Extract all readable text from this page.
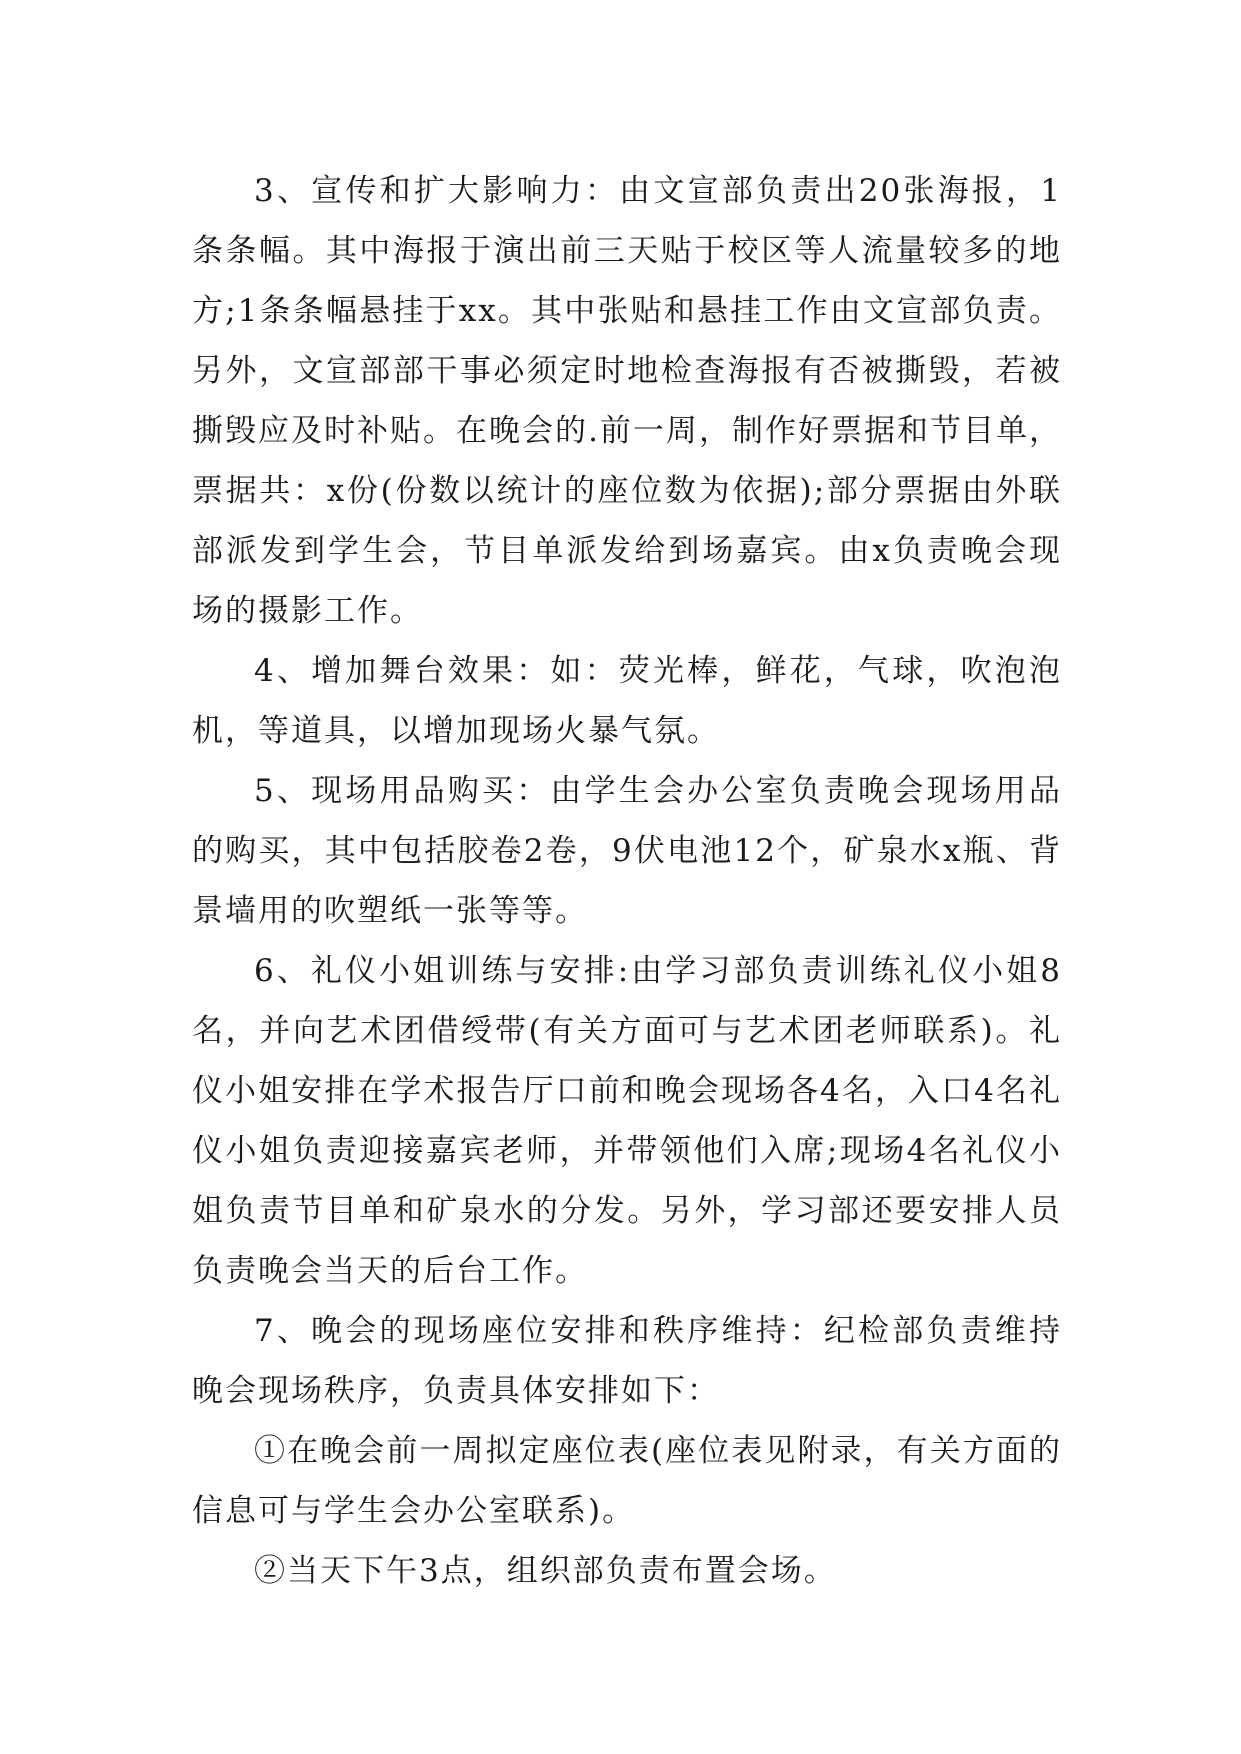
3、宣传和扩大影响力：由文宣部负责出20张海报，1条条幅。其中海报于演出前三天贴于校区等人流量较多的地方;1条条幅悬挂于xx。其中张贴和悬挂工作由文宣部负责。另外，文宣部部干事必须定时地检查海报有否被撕毁，若被撕毁应及时补贴。在晚会的.前一周，制作好票据和节目单，票据共：x份(份数以统计的座位数为依据);部分票据由外联部派发到学生会，节目单派发给到场嘉宾。由x负责晚会现场的摄影工作。

4、增加舞台效果：如：荧光棒，鲜花，气球，吹泡泡机，等道具，以增加现场火暴气氛。

5、现场用品购买：由学生会办公室负责晚会现场用品的购买，其中包括胶卷2卷，9伏电池12个，矿泉水x瓶、背景墙用的吹塑纸一张等等。

6、礼仪小姐训练与安排:由学习部负责训练礼仪小姐8名，并向艺术团借绶带(有关方面可与艺术团老师联系)。礼仪小姐安排在学术报告厅口前和晚会现场各4名，入口4名礼仪小姐负责迎接嘉宾老师，并带领他们入席;现场4名礼仪小姐负责节目单和矿泉水的分发。另外，学习部还要安排人员负责晚会当天的后台工作。

7、晚会的现场座位安排和秩序维持：纪检部负责维持晚会现场秩序，负责具体安排如下：

①在晚会前一周拟定座位表(座位表见附录，有关方面的信息可与学生会办公室联系)。

②当天下午3点，组织部负责布置会场。
